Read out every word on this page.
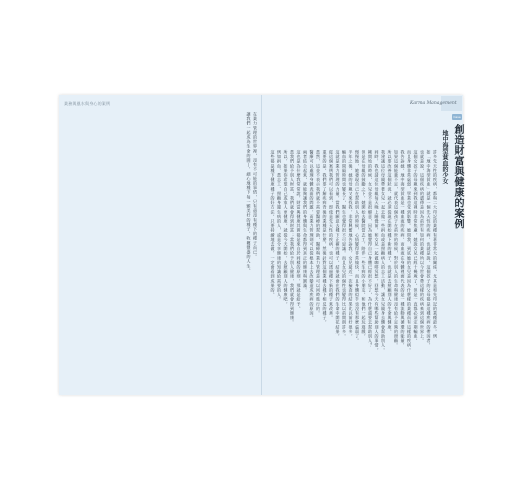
業務與風水與身心的案例	Karma Management
Case
創造財富與健康的案例
地中海型貧血的少女
許多先天性的疾病，都與二大印記的業種有著非常大的關係，尤其是和先印記的業種最多。例
如「地中海型貧血」就是一個先天性的疾病，也就是說，這個孩子的父母都是這種疾病的帶因者，
也就是說，這個疾病的遺傳是因為前世有如何的業種所以今世會帶這樣的疾病來到這個世界上。
這個女孩子的母親來到我這裡時非常焦慮，她說女兒已經十幾歲了，但是一直都必須定期輸血，
而且身體非常虛弱，學業也受到影響。她問我，到底她的女兒是因為什麼樣的業種而有這樣的疾病。
我告訴她，地中海型貧血是一種血液的疾病，而血液在身體裡面代表的是一種流動與循環的能量，
如果這個能量不足，就代表這個孩子在前世的時候，對於別人的生命與健康沒有給予足夠的照顧。
所以要改善這個狀況，就必須從現在開始種下新的種子，也就是去照顧別人的生命與健康。
我建議這位母親帶著女兒一起去做一些捐血或是照顧病人的志工活動，讓女兒親身去體會幫助別人。
同時，我也請這位母親每天晚上睡覺前，和女兒一起做咖啡冥想，回想今天有哪些幫助別人的事情。
剛開始的時候，女兒並不是很願意，因為她覺得自己身體已經很不好了，為什麼還要去幫助別人？
但是在母親的鼓勵之下，她開始去醫院當志工，陪伴一些生病的小朋友，和他們一起玩遊戲。
慢慢地，她發現自己在幫助別人的時候，心情變得非常愉快，而且身體似乎也沒有那麼虛弱了。
半年之後，她的母親又來找我，非常興奮地告訴我，女兒最近一次檢查的結果比以前好很多。
輸血的間隔時間也變長了，醫生也覺得很不可思議。而且女兒的個性也變得比以前開朗許多。
這就是業力管理的力量，當我們願意去種下正確的種子，結果就會在我們的生命中開花結果。
從這個案例我們可以看到，即使是先天性的疾病，也可以透過種下新的種子來改善。
重要的是，我們要了解疾病背後的業種是什麼，然後針對這個業種去種下相反的種子。
當然，這並不表示我們就不需要醫療的幫助，醫療與業力管理是可以同時進行的。
醫療可以處理身體表面的問題，而業力管理則可以從根本上去改變造成疾病的原因。
兩者結合起來，就能夠讓我們的身體與生命都得到真正的健康與圓滿。
這也是為什麼我常常說，財富與健康其實都是來自於同樣的原則，那就是給予。
當我們給予別人財富，我們就會得到財富；當我們給予別人健康，我們就會得到健康。
所以，如果你希望自己或家人更健康，就從今天開始，去照顧別人的健康吧。
例如捐血、當志工、照顧身邊生病的人，或是分享健康的知識給需要的人。
這些都是種下健康種子的好方法，只要持續地去做，一定會看到成果的。
在業力管理的世界裡，沒有不可能的事情，只有還沒有種下的種子而已。
讓我們一起成為生命的園丁，細心地種下每一顆美好的種子，收穫豐盛的人生。
